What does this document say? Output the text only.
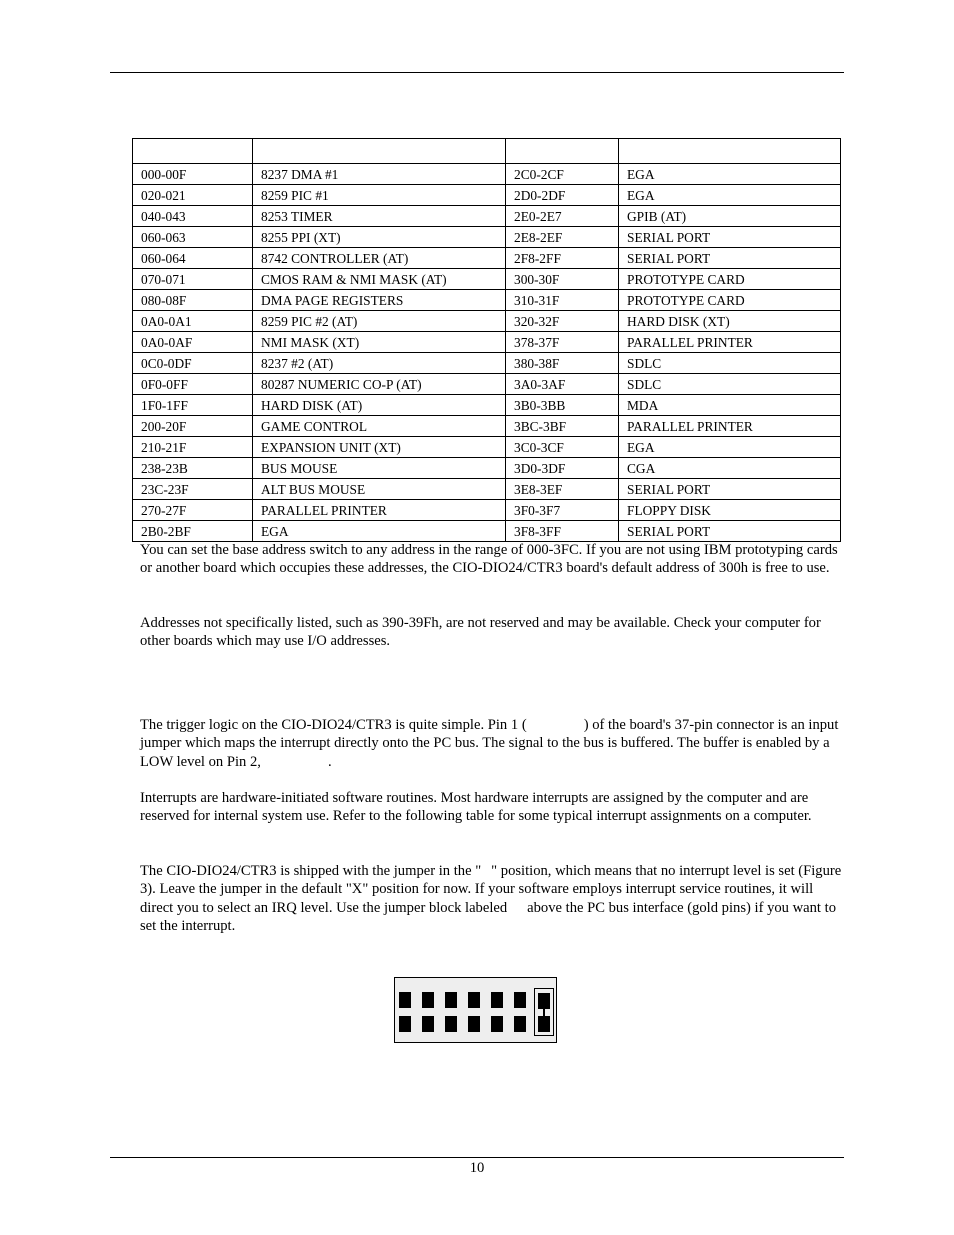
000-00F	8237 DMA #1	2C0-2CF	EGA
020-021	8259 PIC #1	2D0-2DF	EGA
040-043	8253 TIMER	2E0-2E7	GPIB (AT)
060-063	8255 PPI (XT)	2E8-2EF	SERIAL PORT
060-064	8742 CONTROLLER (AT)	2F8-2FF	SERIAL PORT
070-071	CMOS RAM & NMI MASK (AT)	300-30F	PROTOTYPE CARD
080-08F	DMA PAGE REGISTERS	310-31F	PROTOTYPE CARD
0A0-0A1	8259 PIC #2 (AT)	320-32F	HARD DISK (XT)
0A0-0AF	NMI MASK (XT)	378-37F	PARALLEL PRINTER
0C0-0DF	8237 #2 (AT)	380-38F	SDLC
0F0-0FF	80287 NUMERIC CO-P (AT)	3A0-3AF	SDLC
1F0-1FF	HARD DISK (AT)	3B0-3BB	MDA
200-20F	GAME CONTROL	3BC-3BF	PARALLEL PRINTER
210-21F	EXPANSION UNIT (XT)	3C0-3CF	EGA
238-23B	BUS MOUSE	3D0-3DF	CGA
23C-23F	ALT BUS MOUSE	3E8-3EF	SERIAL PORT
270-27F	PARALLEL PRINTER	3F0-3F7	FLOPPY DISK
2B0-2BF	EGA	3F8-3FF	SERIAL PORT

You can set the base address switch to any address in the range of 000-3FC. If you are not using IBM prototyping cards or another board which occupies these addresses, the CIO-DIO24/CTR3 board's default address of 300h is free to use.

Addresses not specifically listed, such as 390-39Fh, are not reserved and may be available. Check your computer for other boards which may use I/O addresses.

The trigger logic on the CIO-DIO24/CTR3 is quite simple. Pin 1 (	) of the board's 37-pin connector is an input jumper which maps the interrupt directly onto the PC bus. The signal to the bus is buffered. The buffer is enabled by a LOW level on Pin 2,	.

Interrupts are hardware-initiated software routines. Most hardware interrupts are assigned by the computer and are reserved for internal system use. Refer to the following table for some typical interrupt assignments on a computer.

The CIO-DIO24/CTR3 is shipped with the jumper in the " " position, which means that no interrupt level is set (Figure 3). Leave the jumper in the default "X" position for now. If your software employs interrupt service routines, it will direct you to select an IRQ level. Use the jumper block labeled above the PC bus interface (gold pins) if you want to set the interrupt.

10
